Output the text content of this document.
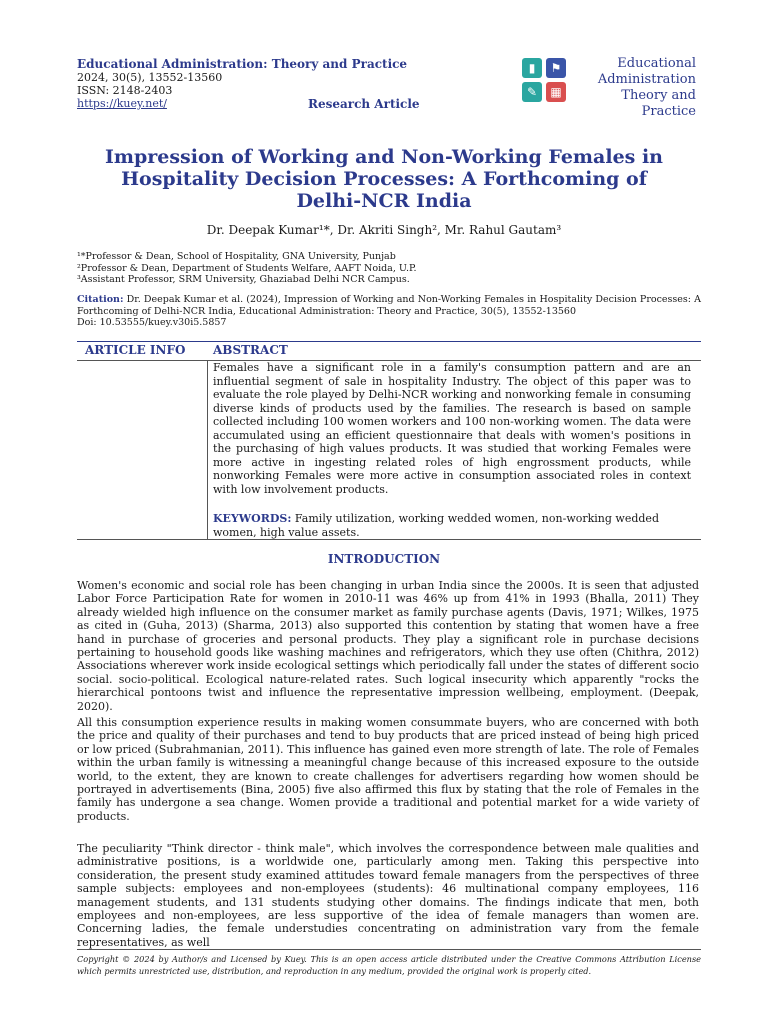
Educational Administration: Theory and Practice
2024, 30(5), 13552-13560
ISSN: 2148-2403
https://kuey.net/	Research Article
▮	⚑
✎	▦
Educational
Administration
Theory and Practice
Impression of Working and Non-Working Females in Hospitality Decision Processes: A Forthcoming of Delhi-NCR India
Dr. Deepak Kumar¹*, Dr. Akriti Singh², Mr. Rahul Gautam³
¹*Professor & Dean, School of Hospitality, GNA University, Punjab
²Professor & Dean, Department of Students Welfare, AAFT Noida, U.P.
³Assistant Professor, SRM University, Ghaziabad Delhi NCR Campus.
Citation: Dr. Deepak Kumar et al. (2024), Impression of Working and Non-Working Females in Hospitality Decision Processes: A Forthcoming of Delhi-NCR India, Educational Administration: Theory and Practice, 30(5), 13552-13560
Doi: 10.53555/kuey.v30i5.5857
ARTICLE INFO ABSTRACT
Females have a significant role in a family's consumption pattern and are an influential segment of sale in hospitality Industry. The object of this paper was to evaluate the role played by Delhi-NCR working and nonworking female in consuming diverse kinds of products used by the families. The research is based on sample collected including 100 women workers and 100 non-working women. The data were accumulated using an efficient questionnaire that deals with women's positions in the purchasing of high values products. It was studied that working Females were more active in ingesting related roles of high engrossment products, while nonworking Females were more active in consumption associated roles in context with low involvement products.
KEYWORDS: Family utilization, working wedded women, non-working wedded women, high value assets.
INTRODUCTION

Women's economic and social role has been changing in urban India since the 2000s. It is seen that adjusted Labor Force Participation Rate for women in 2010-11 was 46% up from 41% in 1993 (Bhalla, 2011) They already wielded high influence on the consumer market as family purchase agents (Davis, 1971; Wilkes, 1975 as cited in (Guha, 2013) (Sharma, 2013) also supported this contention by stating that women have a free hand in purchase of groceries and personal products. They play a significant role in purchase decisions pertaining to household goods like washing machines and refrigerators, which they use often (Chithra, 2012) Associations wherever work inside ecological settings which periodically fall under the states of different socio social. socio-political. Ecological nature-related rates. Such logical insecurity which apparently "rocks the hierarchical pontoons twist and influence the representative impression wellbeing, employment. (Deepak, 2020).

All this consumption experience results in making women consummate buyers, who are concerned with both the price and quality of their purchases and tend to buy products that are priced instead of being high priced or low priced (Subrahmanian, 2011). This influence has gained even more strength of late. The role of Females within the urban family is witnessing a meaningful change because of this increased exposure to the outside world, to the extent, they are known to create challenges for advertisers regarding how women should be portrayed in advertisements (Bina, 2005) five also affirmed this flux by stating that the role of Females in the family has undergone a sea change. Women provide a traditional and potential market for a wide variety of products.

The peculiarity "Think director - think male", which involves the correspondence between male qualities and administrative positions, is a worldwide one, particularly among men. Taking this perspective into consideration, the present study examined attitudes toward female managers from the perspectives of three sample subjects: employees and non-employees (students): 46 multinational company employees, 116 management students, and 131 students studying other domains. The findings indicate that men, both employees and non-employees, are less supportive of the idea of female managers than women are. Concerning ladies, the female understudies concentrating on administration vary from the female representatives, as well

Copyright © 2024 by Author/s and Licensed by Kuey. This is an open access article distributed under the Creative Commons Attribution License which permits unrestricted use, distribution, and reproduction in any medium, provided the original work is properly cited.
